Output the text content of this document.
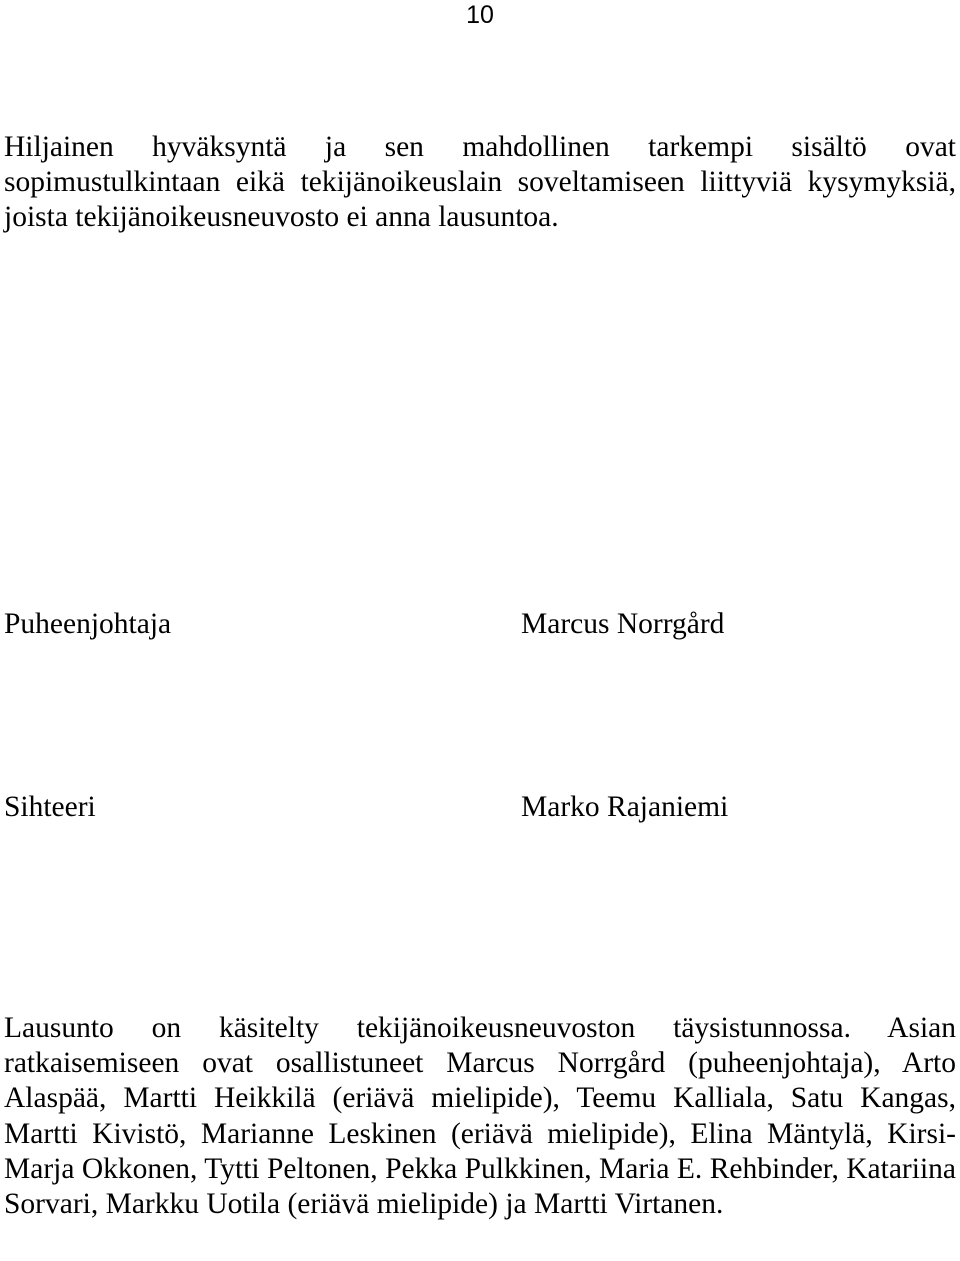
10

Hiljainen hyväksyntä ja sen mahdollinen tarkempi sisältö ovat sopimustulkintaan eikä tekijänoikeuslain soveltamiseen liittyviä kysymyksiä, joista tekijänoikeusneuvosto ei anna lausuntoa.

Puheenjohtaja	Marcus Norrgård
Sihteeri	Marko Rajaniemi

Lausunto on käsitelty tekijänoikeusneuvoston täysistunnossa. Asian ratkaisemiseen ovat osallistuneet Marcus Norrgård (puheenjohtaja), Arto Alaspää, Martti Heikkilä (eriävä mielipide), Teemu Kalliala, Satu Kangas, Martti Kivistö, Marianne Leskinen (eriävä mielipide), Elina Mäntylä, Kirsi-Marja Okkonen, Tytti Peltonen, Pekka Pulkkinen, Maria E. Rehbinder, Katariina Sorvari, Markku Uotila (eriävä mielipide) ja Martti Virtanen.
